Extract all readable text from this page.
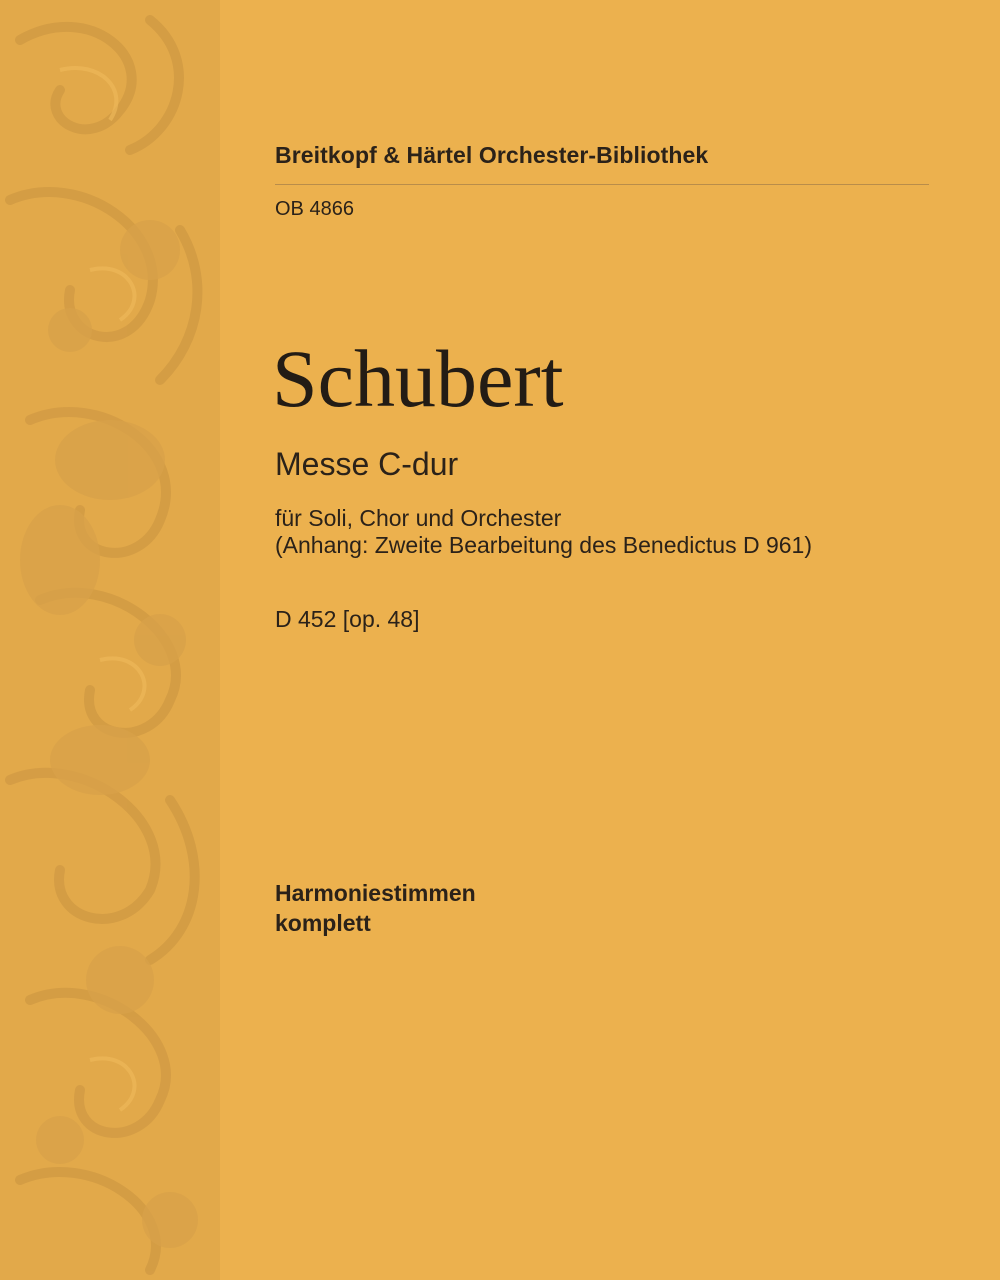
Breitkopf & Härtel Orchester-Bibliothek
OB 4866
Schubert
Messe C-dur
für Soli, Chor und Orchester
(Anhang: Zweite Bearbeitung des Benedictus D 961)
D 452 [op. 48]
Harmoniestimmen
komplett
